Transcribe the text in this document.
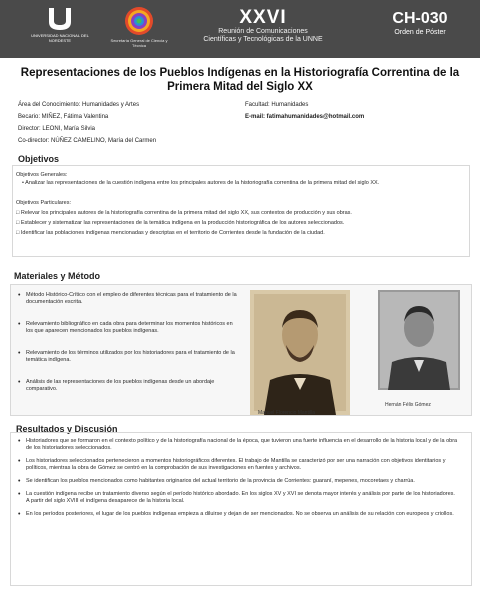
UNIVERSIDAD NACIONAL DEL NORDESTE	Secretaría General de Ciencia y Técnica
XXVI
Reunión de Comunicaciones
Científicas y Tecnológicas de la UNNE
CH-030
Orden de Póster
Representaciones de los Pueblos Indígenas en la Historiografía Correntina de la Primera Mitad del Siglo XX
Área del Conocimiento: Humanidades y Artes
Becario: MIÑEZ, Fátima Valentina
Director: LEONI, María Silvia
Co-director: NÚÑEZ CAMELINO, María del Carmen
Facultad: Humanidades
E-mail: fatimahumanidades@hotmail.com
Objetivos
Objetivos Generales:
• Analizar las representaciones de la cuestión indígena entre los principales autores de la historiografía correntina de la primera mitad del siglo XX.
Objetivos Particulares:
□ Relevar los principales autores de la historiografía correntina de la primera mitad del siglo XX, sus contextos de producción y sus obras.
□ Establecer y sistematizar las representaciones de la temática indígena en la producción historiográfica de los autores seleccionados.
□ Identificar las poblaciones indígenas mencionadas y descriptas en el territorio de Corrientes desde la fundación de la ciudad.
Materiales y Método
• Método Histórico-Crítico con el empleo de diferentes técnicas para el tratamiento de la documentación escrita.
• Relevamiento bibliográfico en cada obra para determinar los momentos históricos en los que aparecen mencionados los pueblos indígenas.
• Relevamiento de los términos utilizados por los historiadores para el tratamiento de la temática indígena.
• Análisis de las representaciones de los pueblos indígenas desde un abordaje comparativo.
Manuel Florencio Mantilla
Hernán Félix Gómez
Resultados y Discusión
• Historiadores que se formaron en el contexto político y de la historiografía nacional de la época, que tuvieron una fuerte influencia en el desarrollo de la historia local y de la obra de los historiadores seleccionados.
• Los historiadores seleccionados pertenecieron a momentos historiográficos diferentes. El trabajo de Mantilla se caracterizó por ser una narración con objetivos identitarios y políticos, mientras la obra de Gómez se centró en la comprobación de sus investigaciones en fuentes y archivos.
• Se identifican los pueblos mencionados como habitantes originarios del actual territorio de la provincia de Corrientes: guaraní, mepenes, mocoretaes y charrúa.
• La cuestión indígena recibe un tratamiento diverso según el período histórico abordado. En los siglos XV y XVI se denota mayor interés y análisis por parte de los historiadores. A partir del siglo XVIII el indígena desaparece de la historia local.
• En los períodos posteriores, el lugar de los pueblos indígenas empieza a diluirse y dejan de ser mencionados. No se observa un análisis de su relación con europeos y criollos.
